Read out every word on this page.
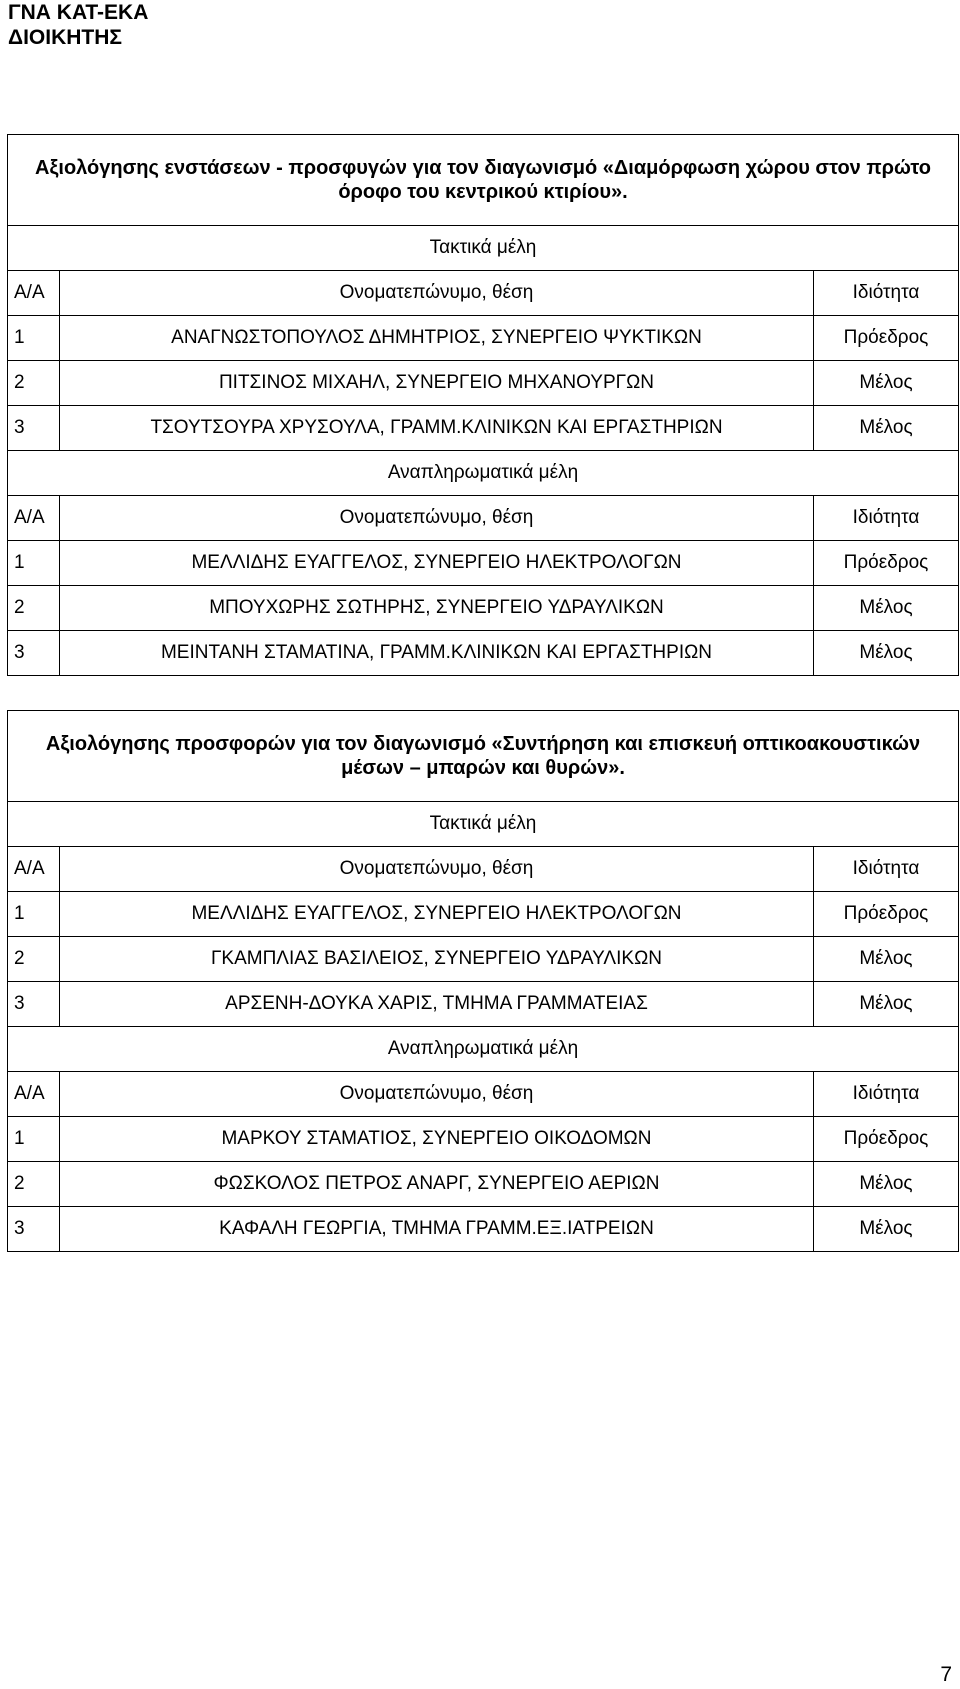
ΓΝΑ ΚΑΤ-ΕΚΑ
ΔΙΟΙΚΗΤΗΣ
Αξιολόγησης ενστάσεων - προσφυγών για τον διαγωνισμό «Διαμόρφωση χώρου στον πρώτο όροφο του κεντρικού κτιρίου».		
Τακτικά μέλη		
Α/Α	Ονοματεπώνυμο, θέση	Ιδιότητα
1	ΑΝΑΓΝΩΣΤΟΠΟΥΛΟΣ ΔΗΜΗΤΡΙΟΣ, ΣΥΝΕΡΓΕΙΟ ΨΥΚΤΙΚΩΝ	Πρόεδρος
2	ΠΙΤΣΙΝΟΣ ΜΙΧΑΗΛ, ΣΥΝΕΡΓΕΙΟ ΜΗΧΑΝΟΥΡΓΩΝ	Μέλος
3	ΤΣΟΥΤΣΟΥΡΑ ΧΡΥΣΟΥΛΑ, ΓΡΑΜΜ.ΚΛΙΝΙΚΩΝ ΚΑΙ ΕΡΓΑΣΤΗΡΙΩΝ	Μέλος
Αναπληρωματικά μέλη		
Α/Α	Ονοματεπώνυμο, θέση	Ιδιότητα
1	ΜΕΛΛΙΔΗΣ ΕΥΑΓΓΕΛΟΣ, ΣΥΝΕΡΓΕΙΟ ΗΛΕΚΤΡΟΛΟΓΩΝ	Πρόεδρος
2	ΜΠΟΥΧΩΡΗΣ ΣΩΤΗΡΗΣ, ΣΥΝΕΡΓΕΙΟ ΥΔΡΑΥΛΙΚΩΝ	Μέλος
3	ΜΕΙΝΤΑΝΗ ΣΤΑΜΑΤΙΝΑ, ΓΡΑΜΜ.ΚΛΙΝΙΚΩΝ ΚΑΙ ΕΡΓΑΣΤΗΡΙΩΝ	Μέλος
Αξιολόγησης προσφορών για τον διαγωνισμό «Συντήρηση και επισκευή οπτικοακουστικών μέσων – μπαρών και θυρών».		
Τακτικά μέλη		
Α/Α	Ονοματεπώνυμο, θέση	Ιδιότητα
1	ΜΕΛΛΙΔΗΣ ΕΥΑΓΓΕΛΟΣ, ΣΥΝΕΡΓΕΙΟ ΗΛΕΚΤΡΟΛΟΓΩΝ	Πρόεδρος
2	ΓΚΑΜΠΛΙΑΣ ΒΑΣΙΛΕΙΟΣ, ΣΥΝΕΡΓΕΙΟ ΥΔΡΑΥΛΙΚΩΝ	Μέλος
3	ΑΡΣΕΝΗ-ΔΟΥΚΑ ΧΑΡΙΣ, ΤΜΗΜΑ ΓΡΑΜΜΑΤΕΙΑΣ	Μέλος
Αναπληρωματικά μέλη		
Α/Α	Ονοματεπώνυμο, θέση	Ιδιότητα
1	ΜΑΡΚΟΥ ΣΤΑΜΑΤΙΟΣ, ΣΥΝΕΡΓΕΙΟ ΟΙΚΟΔΟΜΩΝ	Πρόεδρος
2	ΦΩΣΚΟΛΟΣ ΠΕΤΡΟΣ ΑΝΑΡΓ, ΣΥΝΕΡΓΕΙΟ ΑΕΡΙΩΝ	Μέλος
3	ΚΑΦΑΛΗ ΓΕΩΡΓΙΑ, ΤΜΗΜΑ ΓΡΑΜΜ.ΕΞ.ΙΑΤΡΕΙΩΝ	Μέλος
7
